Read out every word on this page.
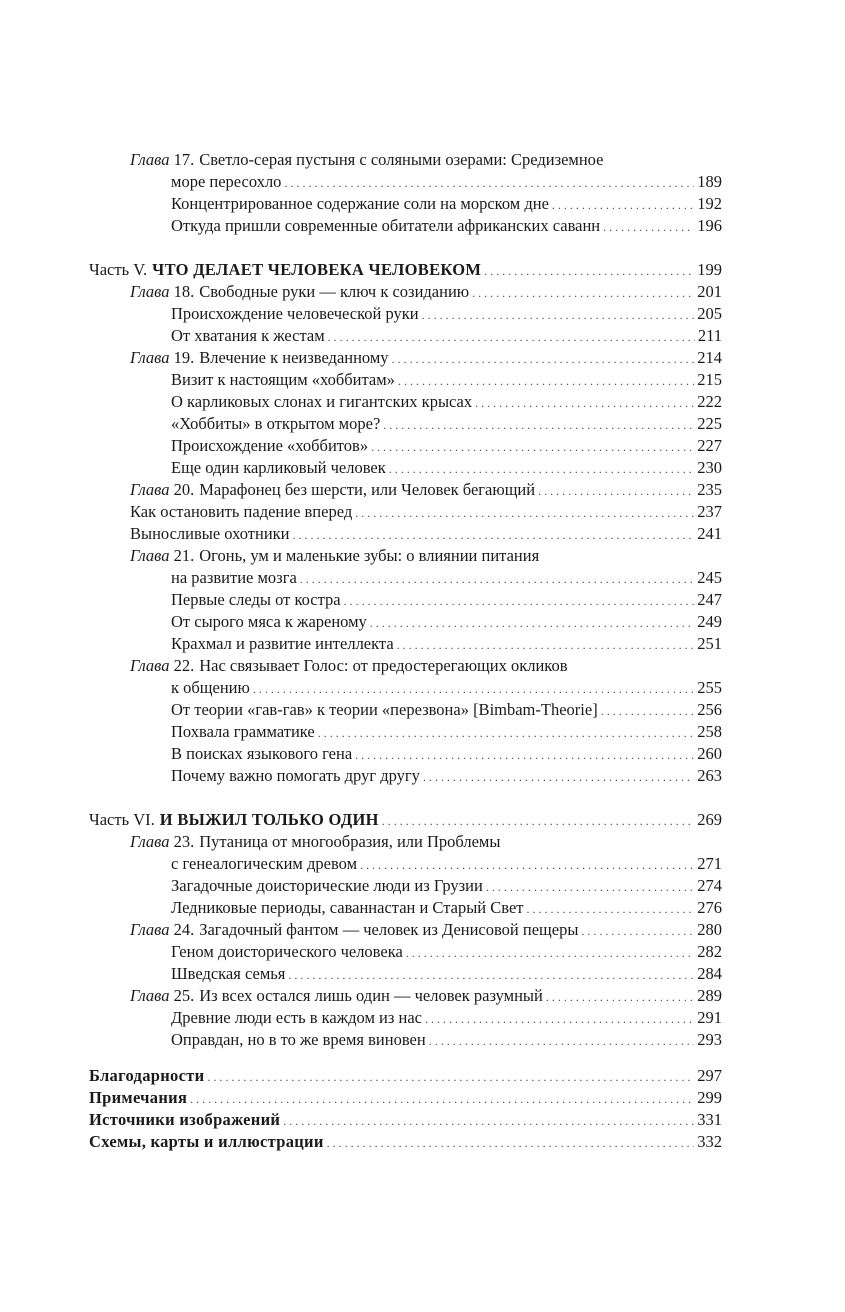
Глава 17. Светло-серая пустыня с соляными озерами: Средиземное
море пересохло . . .	189
Концентрированное содержание соли на морском дне . . .	192
Откуда пришли современные обитатели африканских саванн . . .	196
Часть V. ЧТО ДЕЛАЕТ ЧЕЛОВЕКА ЧЕЛОВЕКОМ . . .	199
Глава 18. Свободные руки — ключ к созиданию . . .	201
Происхождение человеческой руки . . .	205
От хватания к жестам . . .	211
Глава 19. Влечение к неизведанному . . .	214
Визит к настоящим «хоббитам» . . .	215
О карликовых слонах и гигантских крысах . . .	222
«Хоббиты» в открытом море? . . .	225
Происхождение «хоббитов» . . .	227
Еще один карликовый человек . . .	230
Глава 20. Марафонец без шерсти, или Человек бегающий . . .	235
Как остановить падение вперед . . .	237
Выносливые охотники . . .	241
Глава 21. Огонь, ум и маленькие зубы: о влиянии питания
на развитие мозга . . .	245
Первые следы от костра . . .	247
От сырого мяса к жареному . . .	249
Крахмал и развитие интеллекта . . .	251
Глава 22. Нас связывает Голос: от предостерегающих окликов
к общению . . .	255
От теории «гав-гав» к теории «перезвона» [Bimbam-Theorie] . . .	256
Похвала грамматике . . .	258
В поисках языкового гена . . .	260
Почему важно помогать друг другу . . .	263
Часть VI. И ВЫЖИЛ ТОЛЬКО ОДИН . . .	269
Глава 23. Путаница от многообразия, или Проблемы
с генеалогическим древом . . .	271
Загадочные доисторические люди из Грузии . . .	274
Ледниковые периоды, саваннастан и Старый Свет . . .	276
Глава 24. Загадочный фантом — человек из Денисовой пещеры . . .	280
Геном доисторического человека . . .	282
Шведская семья . . .	284
Глава 25. Из всех остался лишь один — человек разумный . . .	289
Древние люди есть в каждом из нас . . .	291
Оправдан, но в то же время виновен . . .	293
Благодарности . . .	297
Примечания . . .	299
Источники изображений . . .	331
Схемы, карты и иллюстрации . . .	332
